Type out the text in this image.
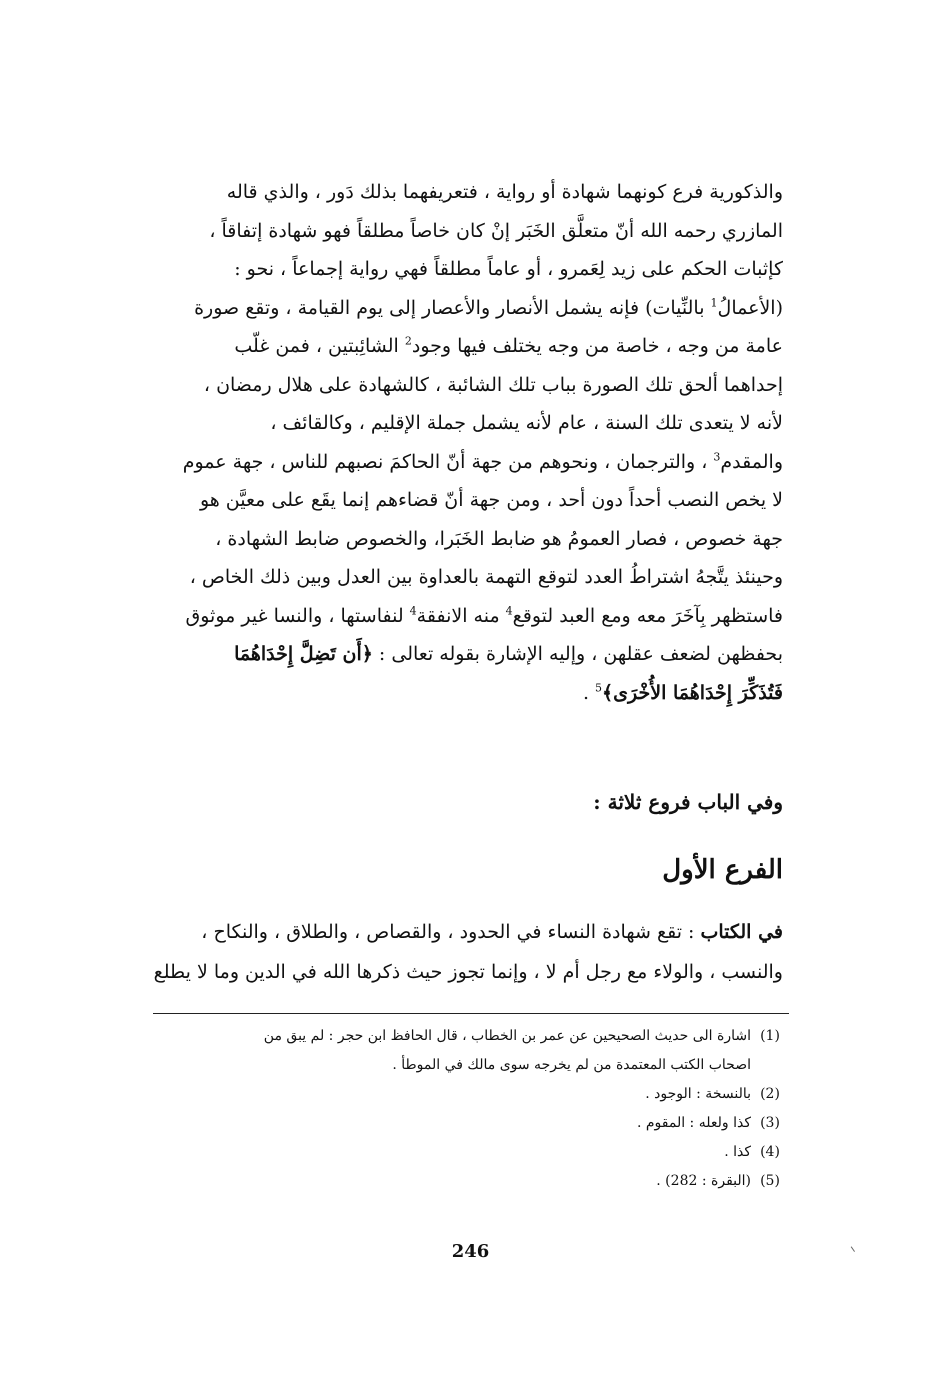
والذكورية فرع كونهما شهادة أو رواية ، فتعريفهما بذلك دَور ، والذي قاله
المازري رحمه الله أنّ متعلَّق الخَبَر إنْ كان خاصاً مطلقاً فهو شهادة إتفاقاً ،
كإثبات الحكم على زيد لِعَمرو ، أو عاماً مطلقاً فهي رواية إجماعاً ، نحو :
(الأعمالُ$^1$ بالنِّيات) فإنه يشمل الأنصار والأعصار إلى يوم القيامة ، وتقع صورة
عامة من وجه ، خاصة من وجه يختلف فيها وجود$^2$ الشائِبتين ، فمن غلّب
إحداهما ألحق تلك الصورة بباب تلك الشائبة ، كالشهادة على هلال رمضان ،
لأنه لا يتعدى تلك السنة ، عام لأنه يشمل جملة الإقليم ، وكالقائف ،
والمقدم$^3$ ، والترجمان ، ونحوهم من جهة أنّ الحاكمَ نصبهم للناس ، جهة عموم
لا يخص النصب أحداً دون أحد ، ومن جهة أنّ قضاءهم إنما يقَع على معيَّن هو
جهة خصوص ، فصار العمومُ هو ضابط الخَبَرا، والخصوص ضابط الشهادة ،
وحينئذ يتَّجهُ اشتراطُ العدد لتوقع التهمة بالعداوة بين العدل وبين ذلك الخاص ،
فاستظهر بِآخَرَ معه ومع العبد لتوقع$^4$ منه الانفقة$^4$ لنفاستها ، والنسا غير موثوق
بحفظهن لضعف عقلهن ، وإليه الإشارة بقوله تعالى : ﴿أَن تَضِلَّ إِحْدَاهُمَا
فَتُذَكِّرَ إِحْدَاهُمَا الأُخْرَى﴾$^5$ .
وفي الباب فروع ثلاثة :
الفرع الأول
في الكتاب : تقع شهادة النساء في الحدود ، والقصاص ، والطلاق ، والنكاح ،
والنسب ، والولاء مع رجل أم لا ، وإنما تجوز حيث ذكرها الله في الدين وما لا يطلع
(1)
اشارة الى حديث الصحيحين عن عمر بن الخطاب ، قال الحافظ ابن حجر : لم يبق من
اصحاب الكتب المعتمدة من لم يخرجه سوى مالك في الموطأ .
(2)
بالنسخة : الوجود .
(3)
كذا ولعله : المقوم .
(4)
كذا .
(5)
(البقرة : 282) .
246
